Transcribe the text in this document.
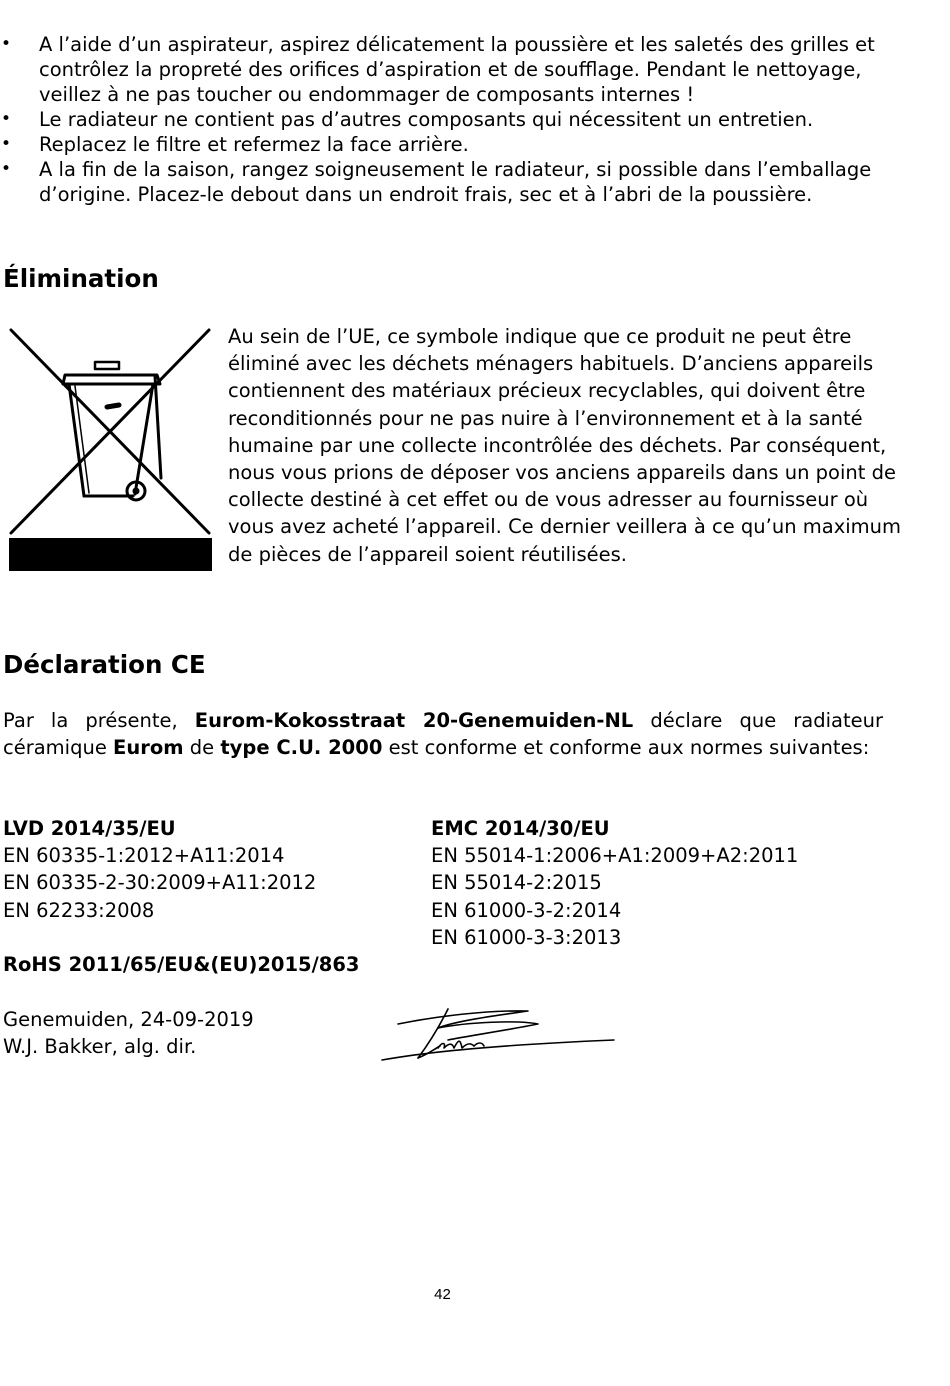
• A l’aide d’un aspirateur, aspirez délicatement la poussière et les saletés des grilles et contrôlez la propreté des orifices d’aspiration et de soufflage. Pendant le nettoyage, veillez à ne pas toucher ou endommager de composants internes !
• Le radiateur ne contient pas d’autres composants qui nécessitent un entretien.
• Replacez le filtre et refermez la face arrière.
• A la fin de la saison, rangez soigneusement le radiateur, si possible dans l’emballage d’origine. Placez-le debout dans un endroit frais, sec et à l’abri de la poussière.
Élimination

Au sein de l’UE, ce symbole indique que ce produit ne peut être éliminé avec les déchets ménagers habituels. D’anciens appareils contiennent des matériaux précieux recyclables, qui doivent être reconditionnés pour ne pas nuire à l’environnement et à la santé humaine par une collecte incontrôlée des déchets. Par conséquent, nous vous prions de déposer vos anciens appareils dans un point de collecte destiné à cet effet ou de vous adresser au fournisseur où vous avez acheté l’appareil. Ce dernier veillera à ce qu’un maximum de pièces de l’appareil soient réutilisées.

Déclaration CE

Par la présente, Eurom-Kokosstraat 20-Genemuiden-NL déclare que radiateur céramique Eurom de type C.U. 2000 est conforme et conforme aux normes suivantes:

LVD 2014/35/EU
EN 60335-1:2012+A11:2014
EN 60335-2-30:2009+A11:2012
EN 62233:2008
EMC 2014/30/EU
EN 55014-1:2006+A1:2009+A2:2011
EN 55014-2:2015
EN 61000-3-2:2014
EN 61000-3-3:2013
RoHS 2011/65/EU&(EU)2015/863
Genemuiden, 24-09-2019
W.J. Bakker, alg. dir.
42
